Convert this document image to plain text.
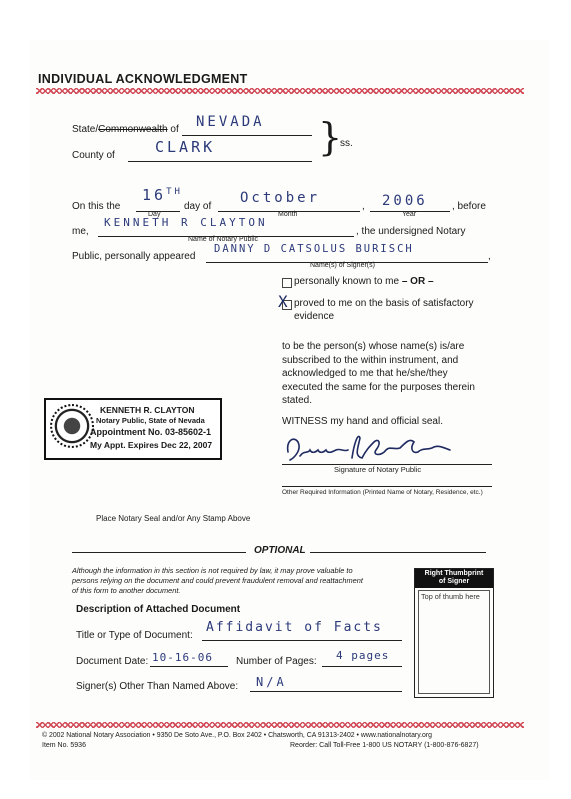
INDIVIDUAL ACKNOWLEDGMENT
State/Commonwealth of NEVADA
County of	CLARK	}
ss.
On this the
16TH
Day
day of
October
Month
, 2006
Year
, before
me,
KENNETH R CLAYTON
Name of Notary Public
, the undersigned Notary
Public, personally appeared
DANNY D CATSOLUS BURISCH
,
Name(s) of Signer(s)
personally known to me – OR –
X proved to me on the basis of satisfactory
evidence
to be the person(s) whose name(s) is/are
subscribed to the within instrument, and
acknowledged to me that he/she/they
executed the same for the purposes therein
stated.
WITNESS my hand and official seal.
Signature of Notary Public
Other Required Information (Printed Name of Notary, Residence, etc.)
KENNETH R. CLAYTON
Notary Public, State of Nevada
Appointment No. 03-85602-1
My Appt. Expires Dec 22, 2007
Place Notary Seal and/or Any Stamp Above
OPTIONAL
Although the information in this section is not required by law, it may prove valuable to
persons relying on the document and could prevent fraudulent removal and reattachment
of this form to another document.
Description of Attached Document
Title or Type of Document:
Affidavit of Facts
Document Date: 10-16-06 Number of Pages: 4 pages
Signer(s) Other Than Named Above: N/A
Right Thumbprint
of Signer
Top of thumb here
© 2002 National Notary Association • 9350 De Soto Ave., P.O. Box 2402 • Chatsworth, CA 91313-2402 • www.nationalnotary.org
Item No. 5936	Reorder: Call Toll-Free 1-800 US NOTARY (1-800-876-6827)
